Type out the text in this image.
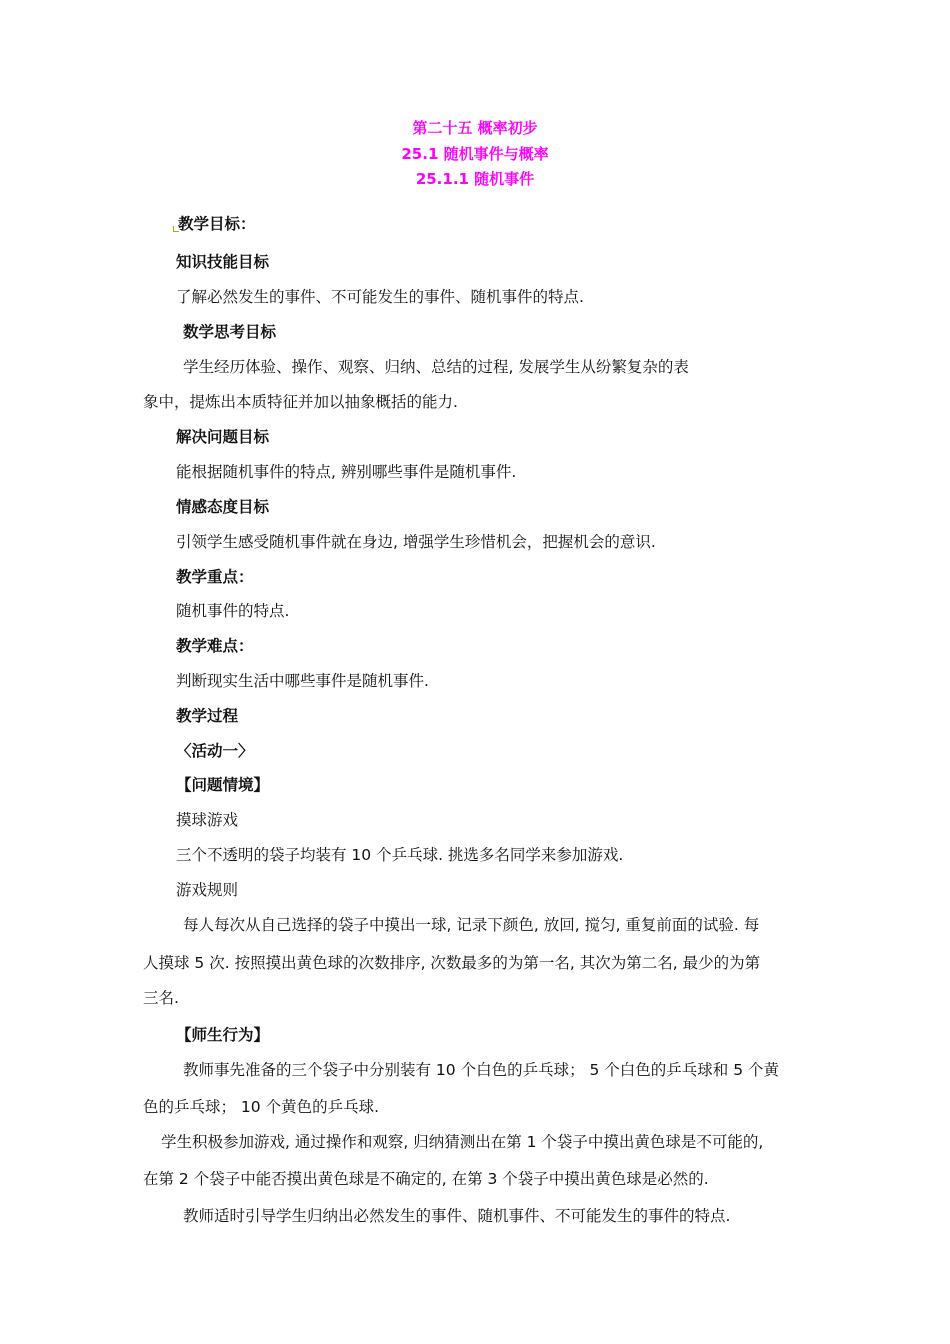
第二十五 概率初步
25.1 随机事件与概率
25.1.1 随机事件
教学目标：
知识技能目标
了解必然发生的事件、不可能发生的事件、随机事件的特点.
数学思考目标
学生经历体验、操作、观察、归纳、总结的过程, 发展学生从纷繁复杂的表
象中，提炼出本质特征并加以抽象概括的能力.
解决问题目标
能根据随机事件的特点, 辨别哪些事件是随机事件.
情感态度目标
引领学生感受随机事件就在身边, 增强学生珍惜机会，把握机会的意识.
教学重点：
随机事件的特点.
教学难点：
判断现实生活中哪些事件是随机事件.
教学过程
〈活动一〉
【问题情境】
摸球游戏
三个不透明的袋子均装有 10 个乒乓球. 挑选多名同学来参加游戏.
游戏规则
每人每次从自己选择的袋子中摸出一球, 记录下颜色, 放回, 搅匀, 重复前面的试验. 每
人摸球 5 次. 按照摸出黄色球的次数排序, 次数最多的为第一名, 其次为第二名, 最少的为第
三名.
【师生行为】
教师事先准备的三个袋子中分别装有 10 个白色的乒乓球； 5 个白色的乒乓球和 5 个黄
色的乒乓球； 10 个黄色的乒乓球.
学生积极参加游戏, 通过操作和观察, 归纳猜测出在第 1 个袋子中摸出黄色球是不可能的,
在第 2 个袋子中能否摸出黄色球是不确定的, 在第 3 个袋子中摸出黄色球是必然的.
教师适时引导学生归纳出必然发生的事件、随机事件、不可能发生的事件的特点.
